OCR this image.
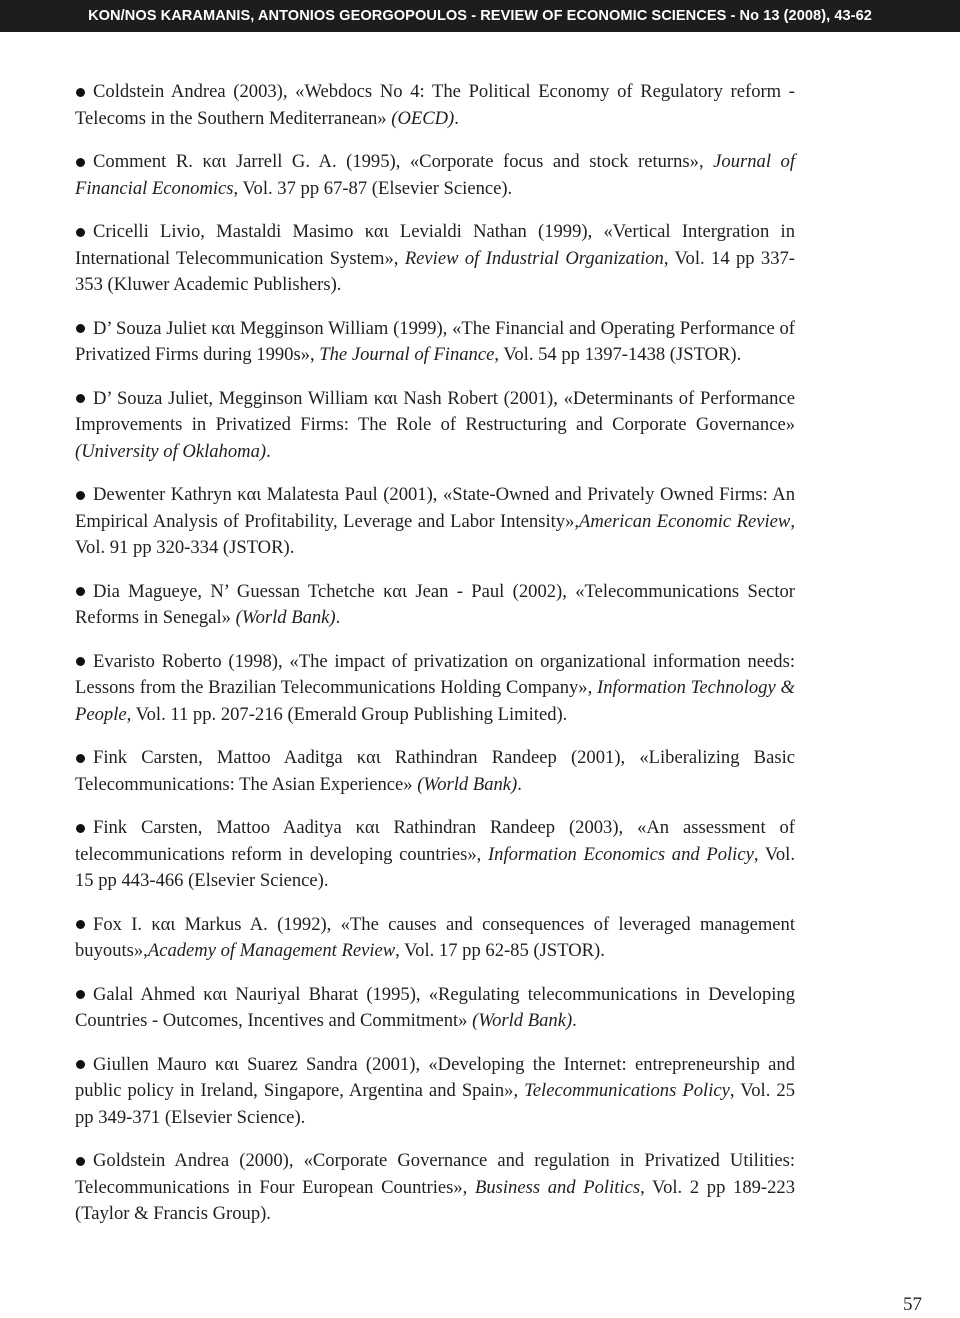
KON/NOS KARAMANIS, ANTONIOS GEORGOPOULOS - REVIEW OF ECONOMIC SCIENCES - No 13 (2008), 43-62

Coldstein Andrea (2003), «Webdocs No 4: The Political Economy of Regulatory reform - Telecoms in the Southern Mediterranean» (OECD).

Comment R. και Jarrell G. A. (1995), «Corporate focus and stock returns», Journal of Financial Economics, Vol. 37 pp 67-87 (Elsevier Science).

Cricelli Livio, Mastaldi Masimo και Levialdi Nathan (1999), «Vertical Intergration in International Telecommunication System», Review of Industrial Organization, Vol. 14 pp 337-353 (Kluwer Academic Publishers).

D’ Souza Juliet και Megginson William (1999), «The Financial and Operating Performance of Privatized Firms during 1990s», The Journal of Finance, Vol. 54 pp 1397-1438 (JSTOR).

D’ Souza Juliet, Megginson William και Nash Robert (2001), «Determinants of Performance Improvements in Privatized Firms: The Role of Restructuring and Corporate Governance» (University of Oklahoma).

Dewenter Kathryn και Malatesta Paul (2001), «State-Owned and Privately Owned Firms: An Empirical Analysis of Profitability, Leverage and Labor Intensity»,American Economic Review, Vol. 91 pp 320-334 (JSTOR).

Dia Magueye, N’ Guessan Tchetche και Jean - Paul (2002), «Telecommunications Sector Reforms in Senegal» (World Bank).

Evaristo Roberto (1998), «The impact of privatization on organizational information needs: Lessons from the Brazilian Telecommunications Holding Company», Information Technology & People, Vol. 11 pp. 207-216 (Emerald Group Publishing Limited).

Fink Carsten, Mattoo Aaditga και Rathindran Randeep (2001), «Liberalizing Basic Telecommunications: The Asian Experience» (World Bank).

Fink Carsten, Mattoo Aaditya και Rathindran Randeep (2003), «An assessment of telecommunications reform in developing countries», Information Economics and Policy, Vol. 15 pp 443-466 (Elsevier Science).

Fox I. και Markus A. (1992), «The causes and consequences of leveraged management buyouts»,Academy of Management Review, Vol. 17 pp 62-85 (JSTOR).

Galal Ahmed και Nauriyal Bharat (1995), «Regulating telecommunications in Developing Countries - Outcomes, Incentives and Commitment» (World Bank).

Giullen Mauro και Suarez Sandra (2001), «Developing the Internet: entrepreneurship and public policy in Ireland, Singapore, Argentina and Spain», Telecommunications Policy, Vol. 25 pp 349-371 (Elsevier Science).

Goldstein Andrea (2000), «Corporate Governance and regulation in Privatized Utilities: Telecommunications in Four European Countries», Business and Politics, Vol. 2 pp 189-223 (Taylor & Francis Group).

57
